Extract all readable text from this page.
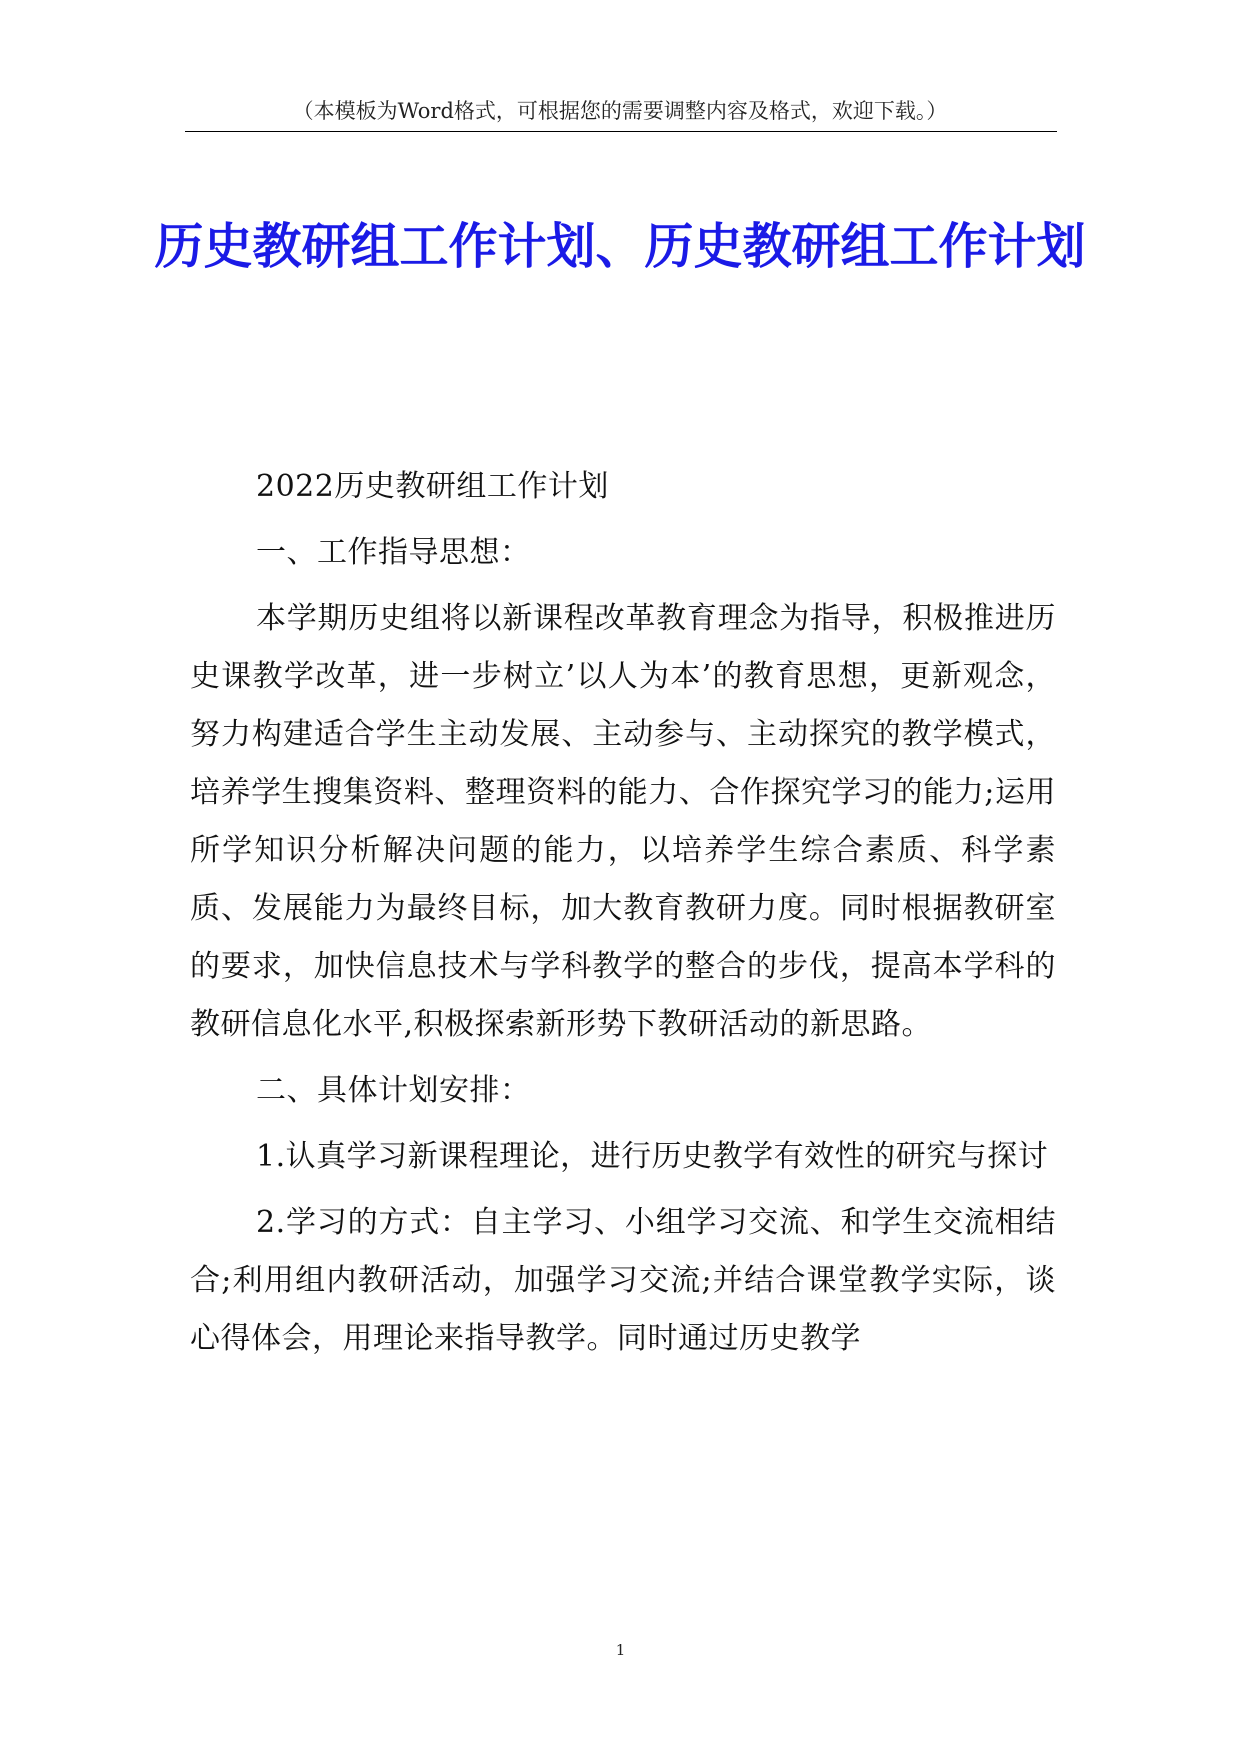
（本模板为Word格式，可根据您的需要调整内容及格式，欢迎下载。）
历史教研组工作计划、历史教研组工作计划

2022历史教研组工作计划

一、工作指导思想：

本学期历史组将以新课程改革教育理念为指导，积极推进历史课教学改革，进一步树立’以人为本’的教育思想，更新观念，努力构建适合学生主动发展、主动参与、主动探究的教学模式，培养学生搜集资料、整理资料的能力、合作探究学习的能力;运用所学知识分析解决问题的能力，以培养学生综合素质、科学素质、发展能力为最终目标，加大教育教研力度。同时根据教研室的要求，加快信息技术与学科教学的整合的步伐，提高本学科的教研信息化水平,积极探索新形势下教研活动的新思路。

二、具体计划安排：

1.认真学习新课程理论，进行历史教学有效性的研究与探讨

2.学习的方式：自主学习、小组学习交流、和学生交流相结合;利用组内教研活动，加强学习交流;并结合课堂教学实际，谈心得体会，用理论来指导教学。同时通过历史教学

1
